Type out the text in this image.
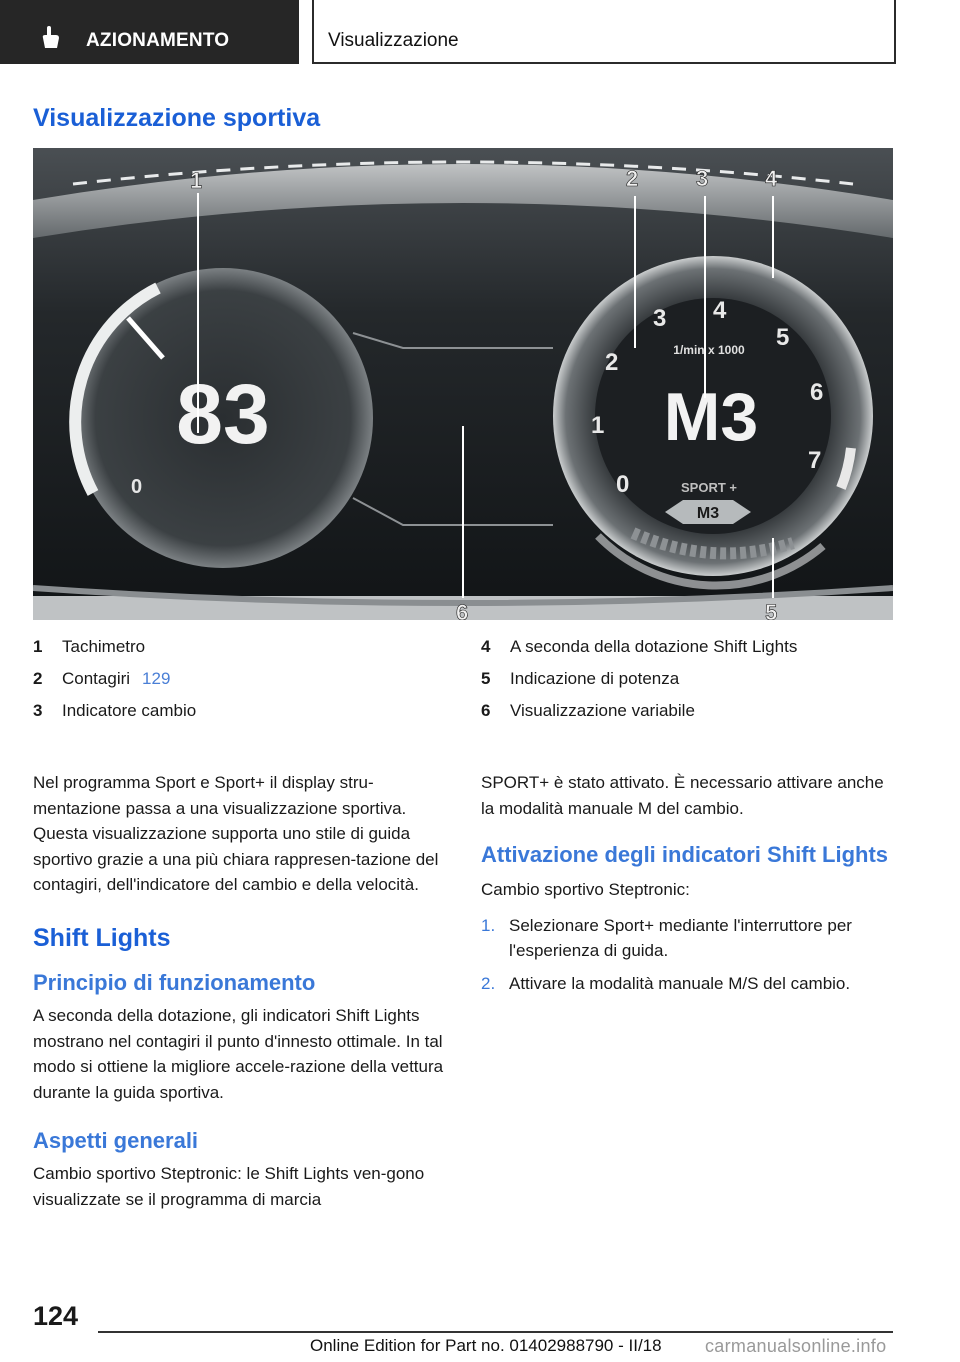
AZIONAMENTO	Visualizzazione
Visualizzazione sportiva
0
83
0
1
2
3 4
5
6
7
1/min x 1000
M3
SPORT +
M3
1	2	3	4
5
6
1	Tachimetro
2	Contagiri 129
3	Indicatore cambio
4	A seconda della dotazione Shift Lights
5	Indicazione di potenza
6	Visualizzazione variabile

Nel programma Sport e Sport+ il display stru-mentazione passa a una visualizzazione sportiva. Questa visualizzazione supporta uno stile di guida sportivo grazie a una più chiara rappresen-tazione del contagiri, dell'indicatore del cambio e della velocità.

Shift Lights
Principio di funzionamento

A seconda della dotazione, gli indicatori Shift Lights mostrano nel contagiri il punto d'innesto ottimale. In tal modo si ottiene la migliore accele-razione della vettura durante la guida sportiva.

Aspetti generali

Cambio sportivo Steptronic: le Shift Lights ven-gono visualizzate se il programma di marcia

SPORT+ è stato attivato. È necessario attivare anche la modalità manuale M del cambio.

Attivazione degli indicatori Shift Lights

Cambio sportivo Steptronic:

1. Selezionare Sport+ mediante l'interruttore per l'esperienza di guida.
2. Attivare la modalità manuale M/S del cambio.
124
Online Edition for Part no. 01402988790 - II/18 carmanualsonline.info
